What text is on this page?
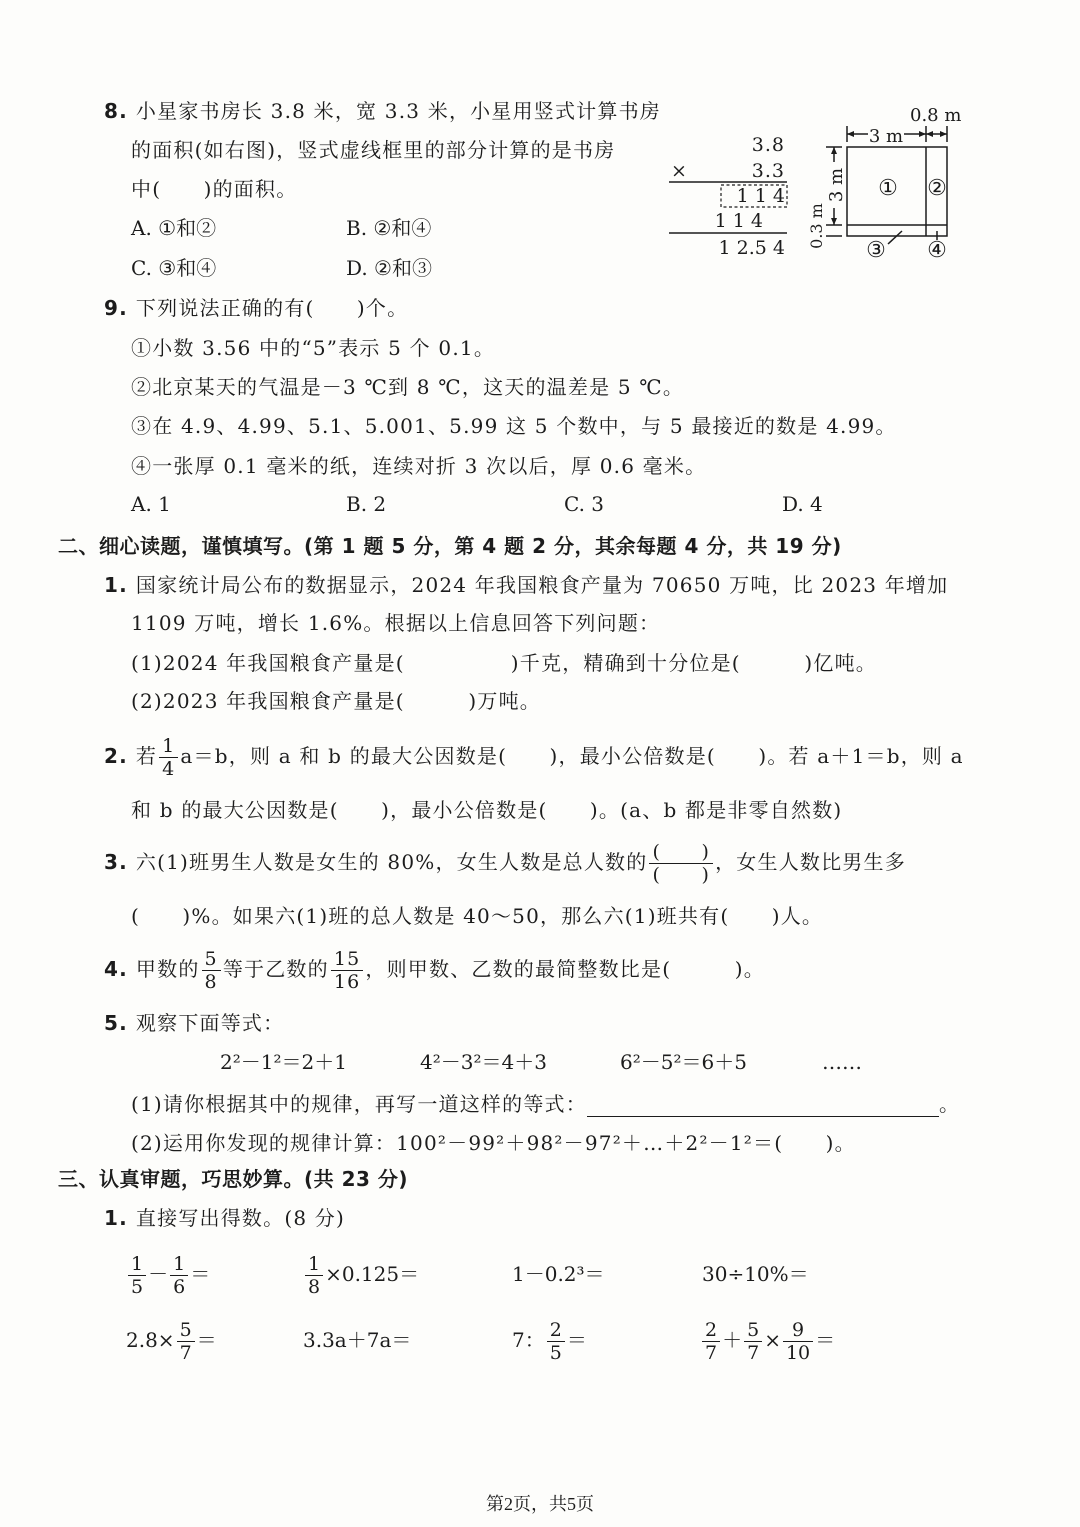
8. 小星家书房长 3.8 米，宽 3.3 米，小星用竖式计算书房
的面积(如右图)，竖式虚线框里的部分计算的是书房
中(　　)的面积。
A. ①和②	B. ②和④
C. ③和④	D. ②和③
3.8
×	3.3
1 1 4
1 1 4
1 2.5 4
0.8 m
3 m
3 m
0.3 m
① ②
③ ④
9. 下列说法正确的有(　　)个。
①小数 3.56 中的“5”表示 5 个 0.1。
②北京某天的气温是－3 ℃到 8 ℃，这天的温差是 5 ℃。
③在 4.9、4.99、5.1、5.001、5.99 这 5 个数中，与 5 最接近的数是 4.99。
④一张厚 0.1 毫米的纸，连续对折 3 次以后，厚 0.6 毫米。
A. 1	B. 2	C. 3	D. 4
二、细心读题，谨慎填写。(第 1 题 5 分，第 4 题 2 分，其余每题 4 分，共 19 分)
1. 国家统计局公布的数据显示，2024 年我国粮食产量为 70650 万吨，比 2023 年增加
1109 万吨，增长 1.6%。根据以上信息回答下列问题：
(1)2024 年我国粮食产量是(　　　　　)千克，精确到十分位是(　　　)亿吨。
(2)2023 年我国粮食产量是(　　　)万吨。
2. 若 $\frac{1}{4} a=b$，则 a 和 b 的最大公因数是(　　)，最小公倍数是(　　)。若 a＋1＝b，则 a
和 b 的最大公因数是(　　)，最小公倍数是(　　)。(a、b 都是非零自然数)
3. 六(1)班男生人数是女生的 80%，女生人数是总人数的 $\frac{( )}{( )}$ ，女生人数比男生多
(　　)%。如果六(1)班的总人数是 40～50，那么六(1)班共有(　　)人。
4. 甲数的 $\frac{5}{8}$ 等于乙数的 $\frac{15}{16}$ ，则甲数、乙数的最简整数比是(　　　)。
5. 观察下面等式：
2²－1²＝2＋1	4²－3²＝4＋3	6²－5²＝6＋5	……
(1)请你根据其中的规律，再写一道这样的等式：	。
(2)运用你发现的规律计算：100²－99²＋98²－97²＋…＋2²－1²＝(　　)。
三、认真审题，巧思妙算。(共 23 分)
1. 直接写出得数。(8 分)
$\frac{1}{5} - \frac{1}{6}$ ＝	$\frac{1}{8} \times 0.125=$	1－0.2³＝	30÷10%＝
$2.8\times \frac{5}{7}$ ＝	3.3a＋7a＝	7： $\frac{2}{5}$ ＝	$\frac{2}{7} + \frac{5}{7} \times \frac{9}{10}$ ＝
第2页，共5页
